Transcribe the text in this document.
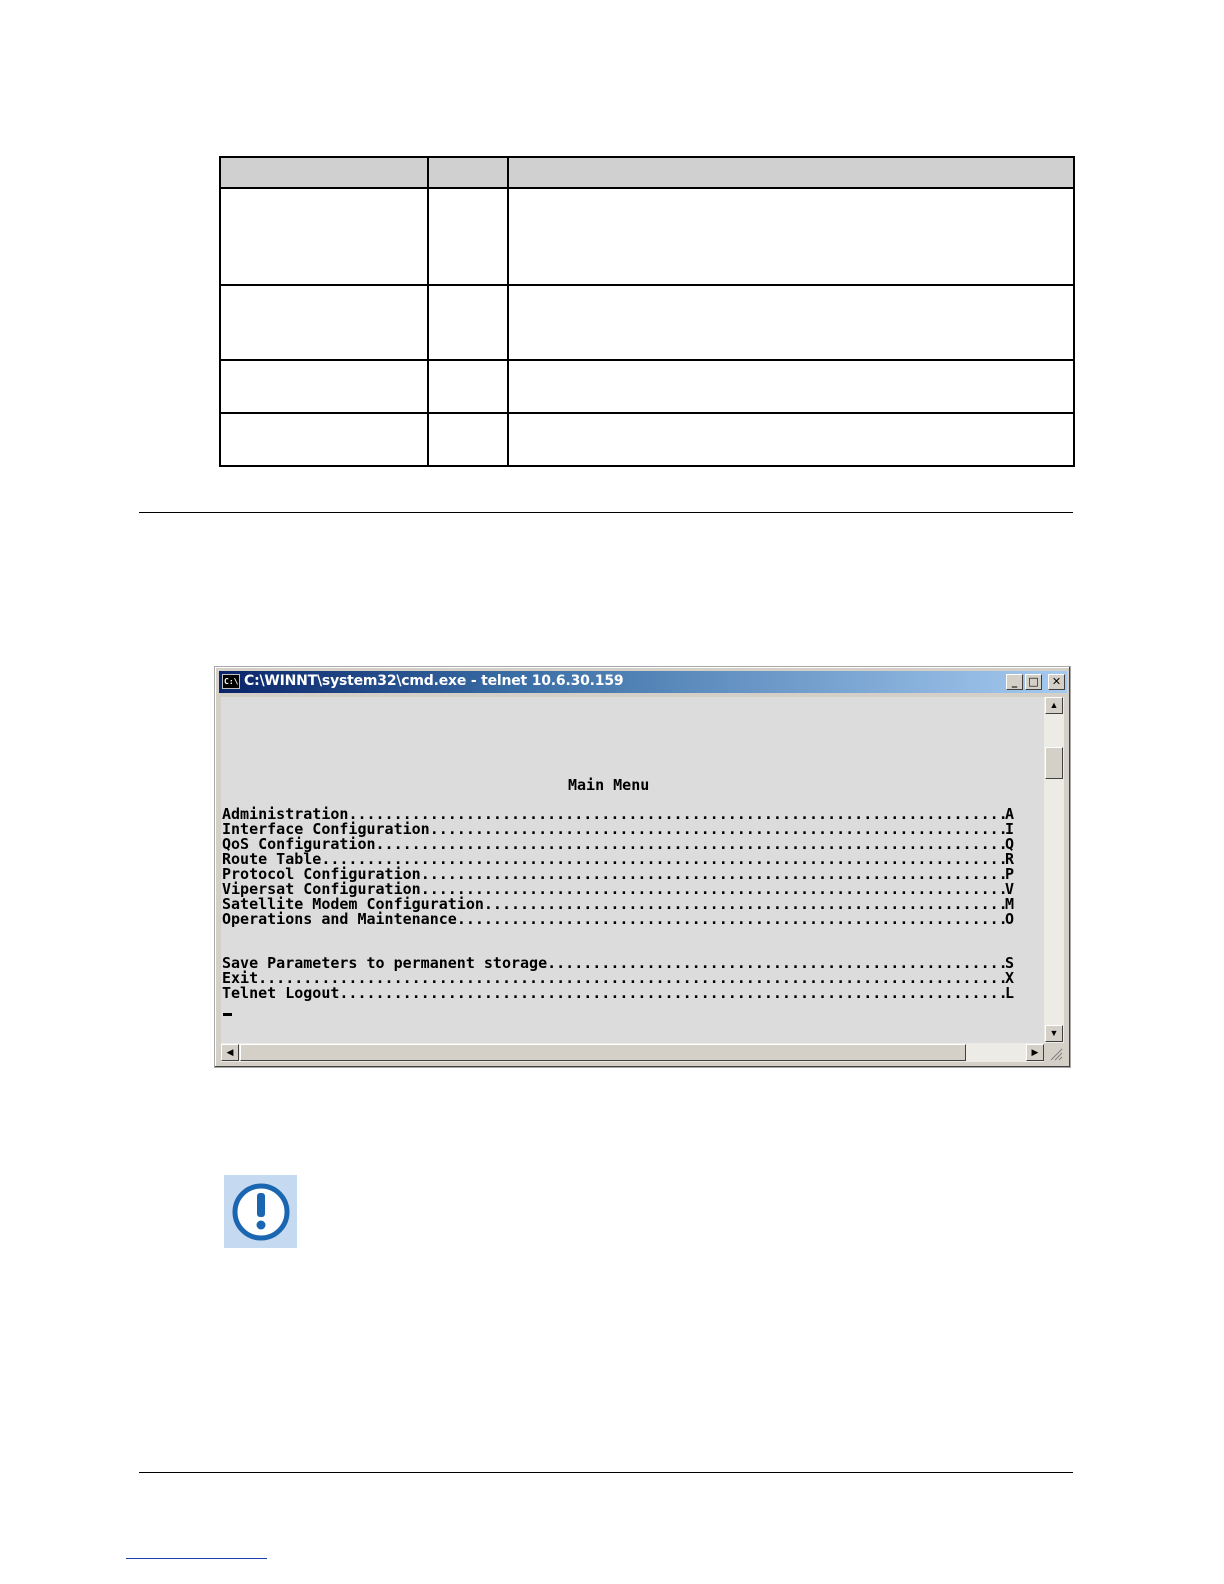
C:\ C:\WINNT\system32\cmd.exe - telnet 10.6.30.159	_	□	✕
Main Menu
Administration .....	A
Interface Configuration .....	I
QoS Configuration .....	Q
Route Table .....	R
Protocol Configuration .....	P
Vipersat Configuration .....	V
Satellite Modem Configuration .....	M
Operations and Maintenance .....	O
Save Parameters to permanent storage .....	S
Exit .....	X
Telnet Logout .....	L
▲
▼
◀	▶
